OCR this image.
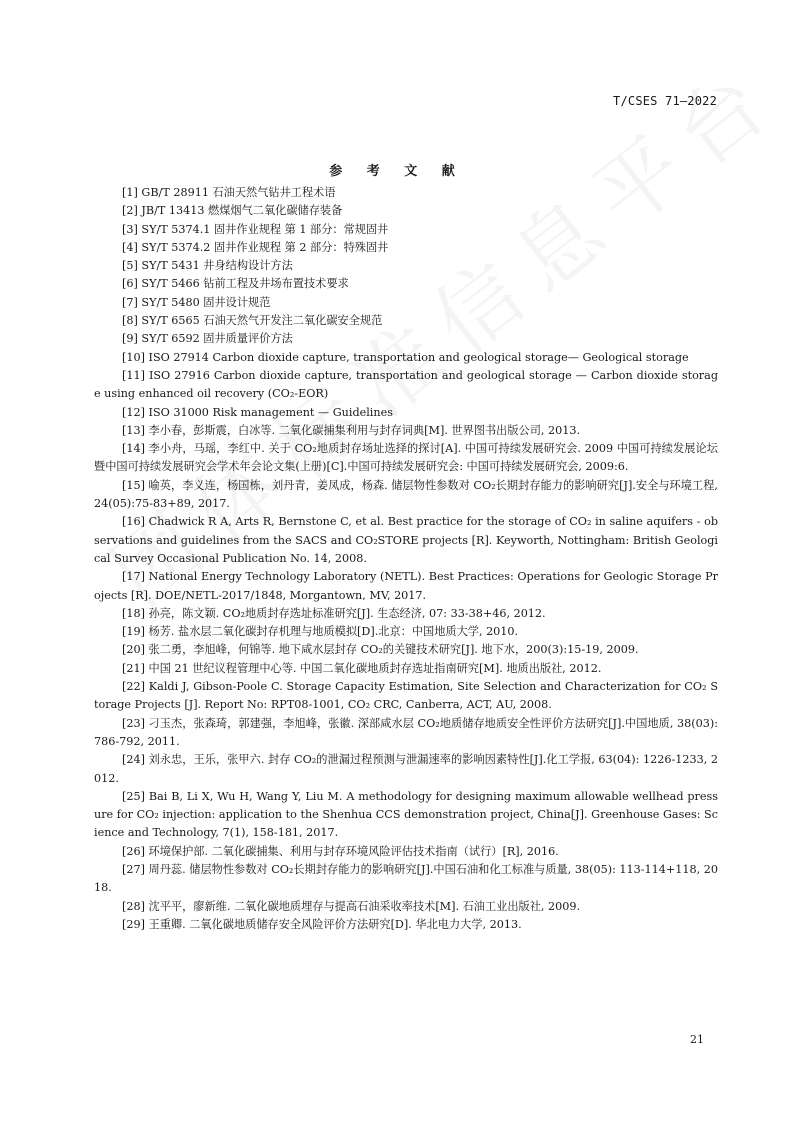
T/CSES 71—2022
参 考 文 献

[1] GB/T 28911 石油天然气钻井工程术语

[2] JB/T 13413 燃煤烟气二氧化碳储存装备

[3] SY/T 5374.1 固井作业规程 第 1 部分：常规固井

[4] SY/T 5374.2 固井作业规程 第 2 部分：特殊固井

[5] SY/T 5431 井身结构设计方法

[6] SY/T 5466 钻前工程及井场布置技术要求

[7] SY/T 5480 固井设计规范

[8] SY/T 6565 石油天然气开发注二氧化碳安全规范

[9] SY/T 6592 固井质量评价方法

[10] ISO 27914 Carbon dioxide capture, transportation and geological storage— Geological storage

[11] ISO 27916 Carbon dioxide capture, transportation and geological storage — Carbon dioxide storage using enhanced oil recovery (CO₂-EOR)

[12] ISO 31000 Risk management — Guidelines

[13] 李小春，彭斯震，白冰等. 二氧化碳捕集利用与封存词典[M]. 世界图书出版公司, 2013.

[14] 李小舟，马瑶，李红中. 关于 CO₂地质封存场址选择的探讨[A]. 中国可持续发展研究会. 2009 中国可持续发展论坛暨中国可持续发展研究会学术年会论文集(上册)[C].中国可持续发展研究会: 中国可持续发展研究会, 2009:6.

[15] 喻英，李义连，杨国栋，刘丹青，姜凤成，杨森. 储层物性参数对 CO₂长期封存能力的影响研究[J].安全与环境工程, 24(05):75-83+89, 2017.

[16] Chadwick R A, Arts R, Bernstone C, et al. Best practice for the storage of CO₂ in saline aquifers - observations and guidelines from the SACS and CO₂STORE projects [R]. Keyworth, Nottingham: British Geological Survey Occasional Publication No. 14, 2008.

[17] National Energy Technology Laboratory (NETL). Best Practices: Operations for Geologic Storage Projects [R]. DOE/NETL-2017/1848, Morgantown, MV, 2017.

[18] 孙亮，陈文颖. CO₂地质封存选址标准研究[J]. 生态经济, 07: 33-38+46, 2012.

[19] 杨芳. 盐水层二氧化碳封存机理与地质模拟[D].北京：中国地质大学, 2010.

[20] 张二勇，李旭峰，何锦等. 地下咸水层封存 CO₂的关键技术研究[J]. 地下水，200(3):15-19, 2009.

[21] 中国 21 世纪议程管理中心等. 中国二氧化碳地质封存选址指南研究[M]. 地质出版社, 2012.

[22] Kaldi J, Gibson-Poole C. Storage Capacity Estimation, Site Selection and Characterization for CO₂ Storage Projects [J]. Report No: RPT08-1001, CO₂ CRC, Canberra, ACT, AU, 2008.

[23] 刁玉杰，张森琦，郭建强，李旭峰，张徽. 深部咸水层 CO₂地质储存地质安全性评价方法研究[J].中国地质, 38(03):786-792, 2011.

[24] 刘永忠，王乐，张甲六. 封存 CO₂的泄漏过程预测与泄漏速率的影响因素特性[J].化工学报, 63(04): 1226-1233, 2012.

[25] Bai B, Li X, Wu H, Wang Y, Liu M. A methodology for designing maximum allowable wellhead pressure for CO₂ injection: application to the Shenhua CCS demonstration project, China[J]. Greenhouse Gases: Science and Technology, 7(1), 158-181, 2017.

[26] 环境保护部. 二氧化碳捕集、利用与封存环境风险评估技术指南（试行）[R], 2016.

[27] 周丹蕊. 储层物性参数对 CO₂长期封存能力的影响研究[J].中国石油和化工标准与质量, 38(05): 113-114+118, 2018.

[28] 沈平平，廖新维. 二氧化碳地质埋存与提高石油采收率技术[M]. 石油工业出版社, 2009.

[29] 王重卿. 二氧化碳地质储存安全风险评价方法研究[D]. 华北电力大学, 2013.

21
